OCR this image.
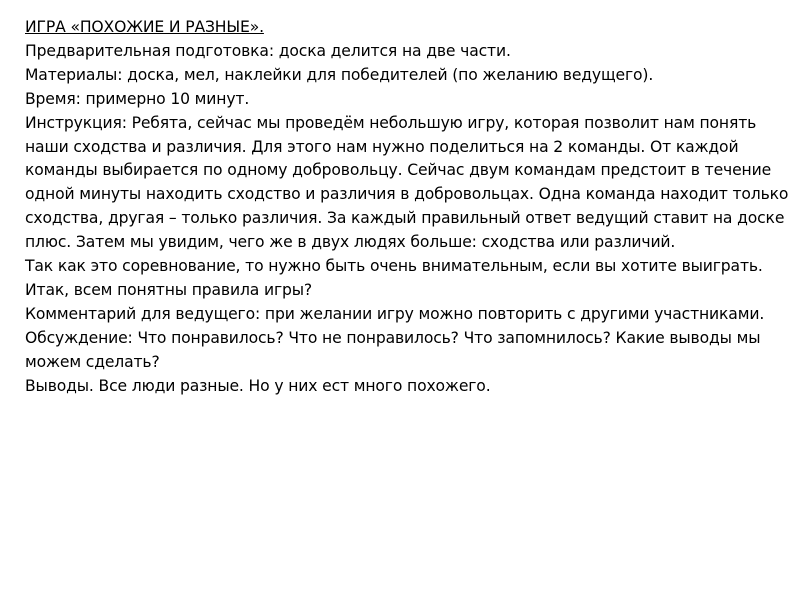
ИГРА «ПОХОЖИЕ И РАЗНЫЕ».

Предварительная подготовка: доска делится на две части.

Материалы: доска, мел, наклейки для победителей (по желанию ведущего).

Время: примерно 10 минут.

Инструкция: Ребята, сейчас мы проведём небольшую игру, которая позволит нам понять наши сходства и различия. Для этого нам нужно поделиться на 2 команды. От каждой команды выбирается по одному добровольцу. Сейчас двум командам предстоит в течение одной минуты находить сходство и различия в добровольцах. Одна команда находит только сходства, другая – только различия. За каждый правильный ответ ведущий ставит на доске плюс. Затем мы увидим, чего же в двух людях больше: сходства или различий.

Так как это соревнование, то нужно быть очень внимательным, если вы хотите выиграть.

Итак, всем понятны правила игры?

Комментарий для ведущего: при желании игру можно повторить с другими участниками.

Обсуждение: Что понравилось? Что не понравилось? Что запомнилось? Какие выводы мы можем сделать?

Выводы. Все люди разные. Но у них ест много похожего.
